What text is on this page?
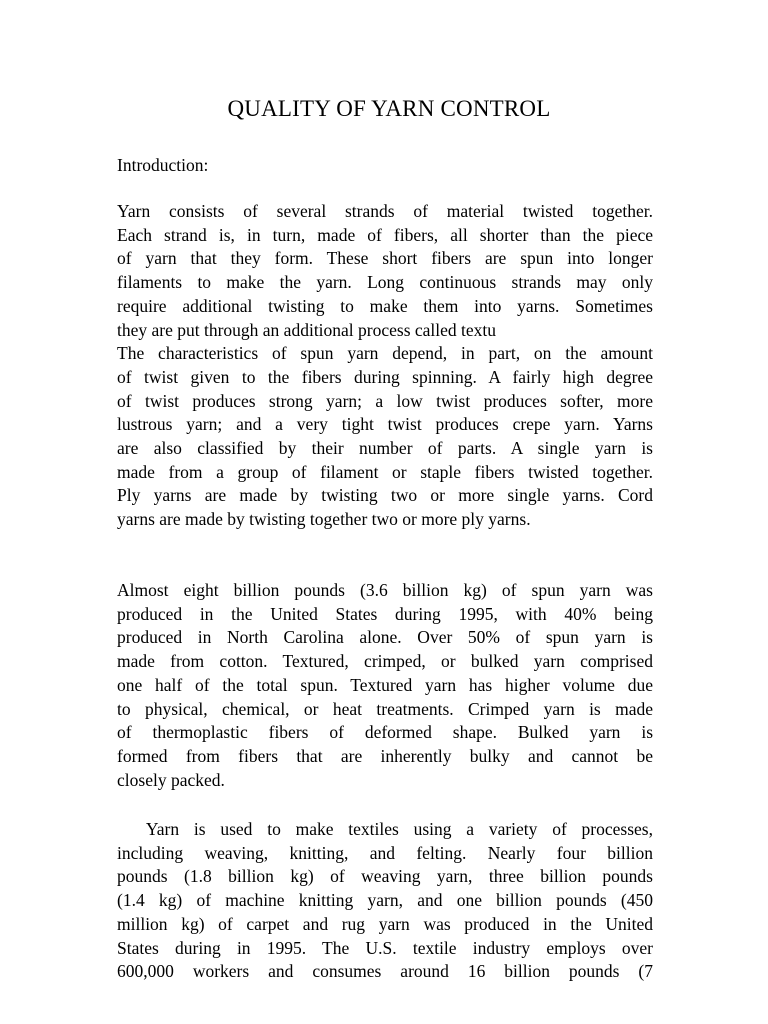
QUALITY OF YARN CONTROL
Introduction:
Yarn consists of several strands of material twisted together.
Each strand is, in turn, made of fibers, all shorter than the piece
of yarn that they form. These short fibers are spun into longer
filaments to make the yarn. Long continuous strands may only
require additional twisting to make them into yarns. Sometimes
they are put through an additional process called textu
The characteristics of spun yarn depend, in part, on the amount
of twist given to the fibers during spinning. A fairly high degree
of twist produces strong yarn; a low twist produces softer, more
lustrous yarn; and a very tight twist produces crepe yarn. Yarns
are also classified by their number of parts. A single yarn is
made from a group of filament or staple fibers twisted together.
Ply yarns are made by twisting two or more single yarns. Cord
yarns are made by twisting together two or more ply yarns.
Almost eight billion pounds (3.6 billion kg) of spun yarn was
produced in the United States during 1995, with 40% being
produced in North Carolina alone. Over 50% of spun yarn is
made from cotton. Textured, crimped, or bulked yarn comprised
one half of the total spun. Textured yarn has higher volume due
to physical, chemical, or heat treatments. Crimped yarn is made
of thermoplastic fibers of deformed shape. Bulked yarn is
formed from fibers that are inherently bulky and cannot be
closely packed.
Yarn is used to make textiles using a variety of processes,
including weaving, knitting, and felting. Nearly four billion
pounds (1.8 billion kg) of weaving yarn, three billion pounds
(1.4 kg) of machine knitting yarn, and one billion pounds (450
million kg) of carpet and rug yarn was produced in the United
States during in 1995. The U.S. textile industry employs over
600,000 workers and consumes around 16 billion pounds (7
